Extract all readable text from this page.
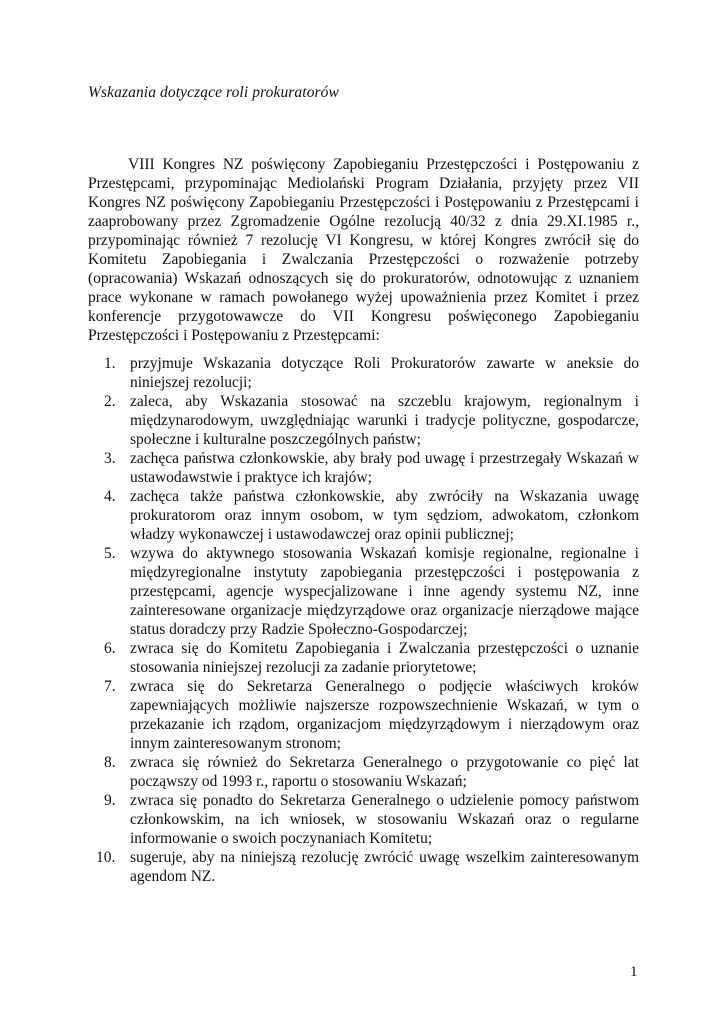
Wskazania dotyczące roli prokuratorów

VIII Kongres NZ poświęcony Zapobieganiu Przestępczości i Postępowaniu z Przestępcami, przypominając Mediolański Program Działania, przyjęty przez VII Kongres NZ poświęcony Zapobieganiu Przestępczości i Postępowaniu z Przestępcami i zaaprobowany przez Zgromadzenie Ogólne rezolucją 40/32 z dnia 29.XI.1985 r., przypominając również 7 rezolucję VI Kongresu, w której Kongres zwrócił się do Komitetu Zapobiegania i Zwalczania Przestępczości o rozważenie potrzeby (opracowania) Wskazań odnoszących się do prokuratorów, odnotowując z uznaniem prace wykonane w ramach powołanego wyżej upoważnienia przez Komitet i przez konferencje przygotowawcze do VII Kongresu poświęconego Zapobieganiu Przestępczości i Postępowaniu z Przestępcami:

1. przyjmuje Wskazania dotyczące Roli Prokuratorów zawarte w aneksie do niniejszej rezolucji;
2. zaleca, aby Wskazania stosować na szczeblu krajowym, regionalnym i międzynarodowym, uwzględniając warunki i tradycje polityczne, gospodarcze, społeczne i kulturalne poszczególnych państw;
3. zachęca państwa członkowskie, aby brały pod uwagę i przestrzegały Wskazań w ustawodawstwie i praktyce ich krajów;
4. zachęca także państwa członkowskie, aby zwróciły na Wskazania uwagę prokuratorom oraz innym osobom, w tym sędziom, adwokatom, członkom władzy wykonawczej i ustawodawczej oraz opinii publicznej;
5. wzywa do aktywnego stosowania Wskazań komisje regionalne, regionalne i międzyregionalne instytuty zapobiegania przestępczości i postępowania z przestępcami, agencje wyspecjalizowane i inne agendy systemu NZ, inne zainteresowane organizacje międzyrządowe oraz organizacje nierządowe mające status doradczy przy Radzie Społeczno-Gospodarczej;
6. zwraca się do Komitetu Zapobiegania i Zwalczania przestępczości o uznanie stosowania niniejszej rezolucji za zadanie priorytetowe;
7. zwraca się do Sekretarza Generalnego o podjęcie właściwych kroków zapewniających możliwie najszersze rozpowszechnienie Wskazań, w tym o przekazanie ich rządom, organizacjom międzyrządowym i nierządowym oraz innym zainteresowanym stronom;
8. zwraca się również do Sekretarza Generalnego o przygotowanie co pięć lat począwszy od 1993 r., raportu o stosowaniu Wskazań;
9. zwraca się ponadto do Sekretarza Generalnego o udzielenie pomocy państwom członkowskim, na ich wniosek, w stosowaniu Wskazań oraz o regularne informowanie o swoich poczynaniach Komitetu;
10. sugeruje, aby na niniejszą rezolucję zwrócić uwagę wszelkim zainteresowanym agendom NZ.
1
